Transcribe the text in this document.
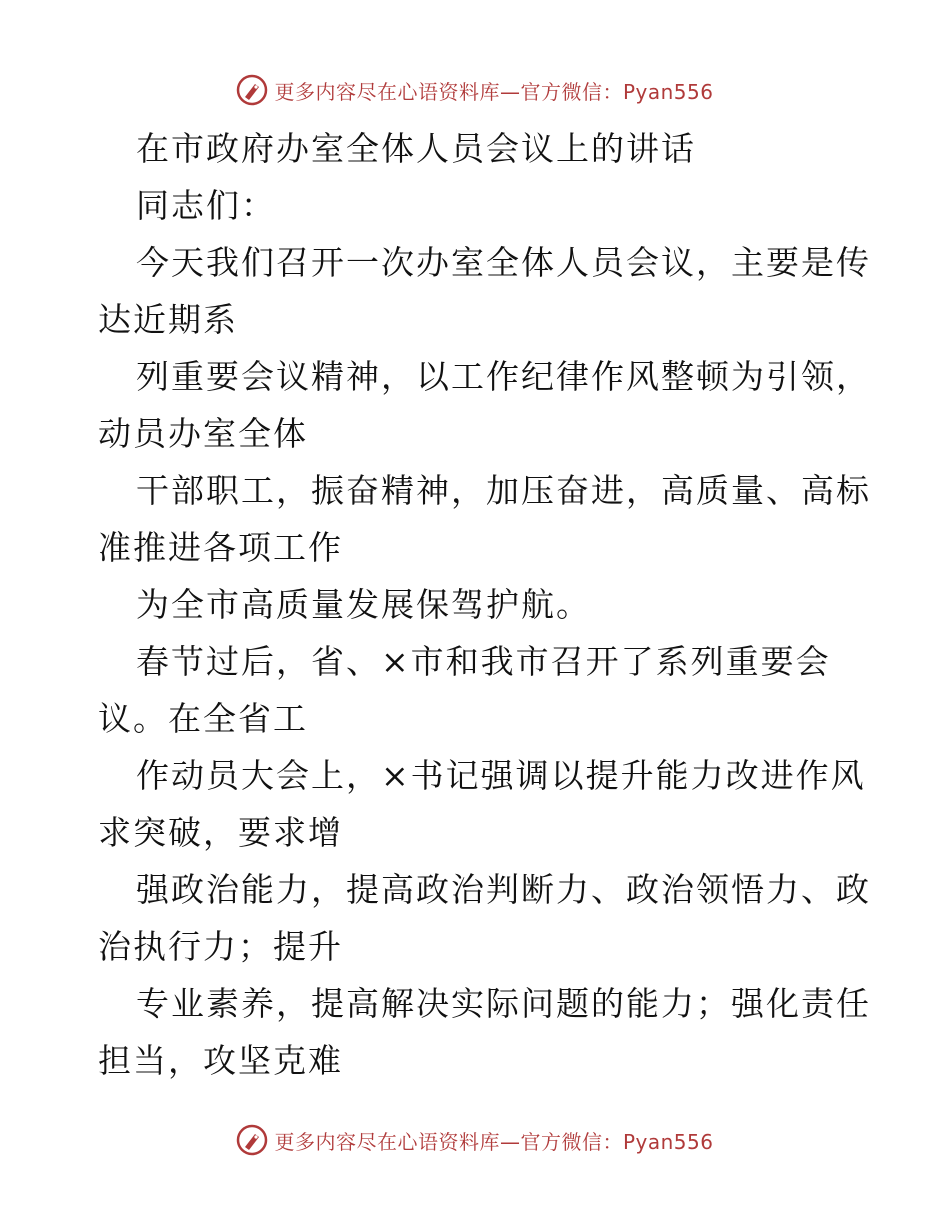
更多内容尽在心语资料库—官方微信：Pyan556

在市政府办室全体人员会议上的讲话

同志们：

今天我们召开一次办室全体人员会议，主要是传
达近期系

列重要会议精神，以工作纪律作风整顿为引领，
动员办室全体

干部职工，振奋精神，加压奋进，高质量、高标
准推进各项工作

为全市高质量发展保驾护航。

春节过后，省、×市和我市召开了系列重要会
议。在全省工

作动员大会上，×书记强调以提升能力改进作风
求突破，要求增

强政治能力，提高政治判断力、政治领悟力、政
治执行力；提升

专业素养，提高解决实际问题的能力；强化责任
担当，攻坚克难

更多内容尽在心语资料库—官方微信：Pyan556
